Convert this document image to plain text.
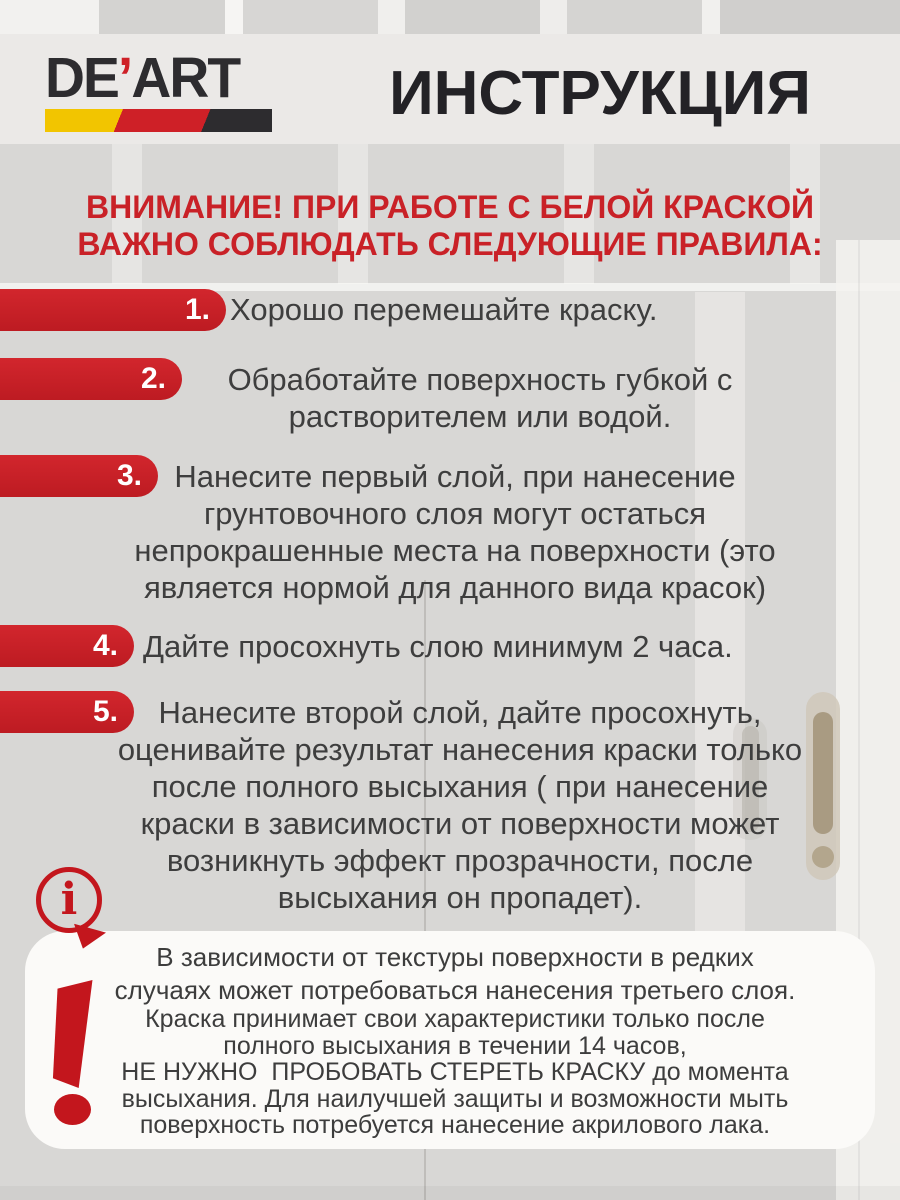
DE’ART	ИНСТРУКЦИЯ
ВНИМАНИЕ! ПРИ РАБОТЕ С БЕЛОЙ КРАСКОЙ
ВАЖНО СОБЛЮДАТЬ СЛЕДУЮЩИЕ ПРАВИЛА:
1. Хорошо перемешайте краску.
2.	Обработайте поверхность губкой с
растворителем или водой.
3.	Нанесите первый слой, при нанесение
грунтовочного слоя могут остаться
непрокрашенные места на поверхности (это
является нормой для данного вида красок)
4. Дайте просохнуть слою минимум 2 часа.
5.	Нанесите второй слой, дайте просохнуть,
оценивайте результат нанесения краски только
после полного высыхания ( при нанесение
краски в зависимости от поверхности может
возникнуть эффект прозрачности, после
высыхания он пропадет).
i
В зависимости от текстуры поверхности в редких
случаях может потребоваться нанесения третьего слоя.
Краска принимает свои характеристики только после
полного высыхания в течении 14 часов,
НЕ НУЖНО  ПРОБОВАТЬ СТЕРЕТЬ КРАСКУ до момента
высыхания. Для наилучшей защиты и возможности мыть
поверхность потребуется нанесение акрилового лака.
